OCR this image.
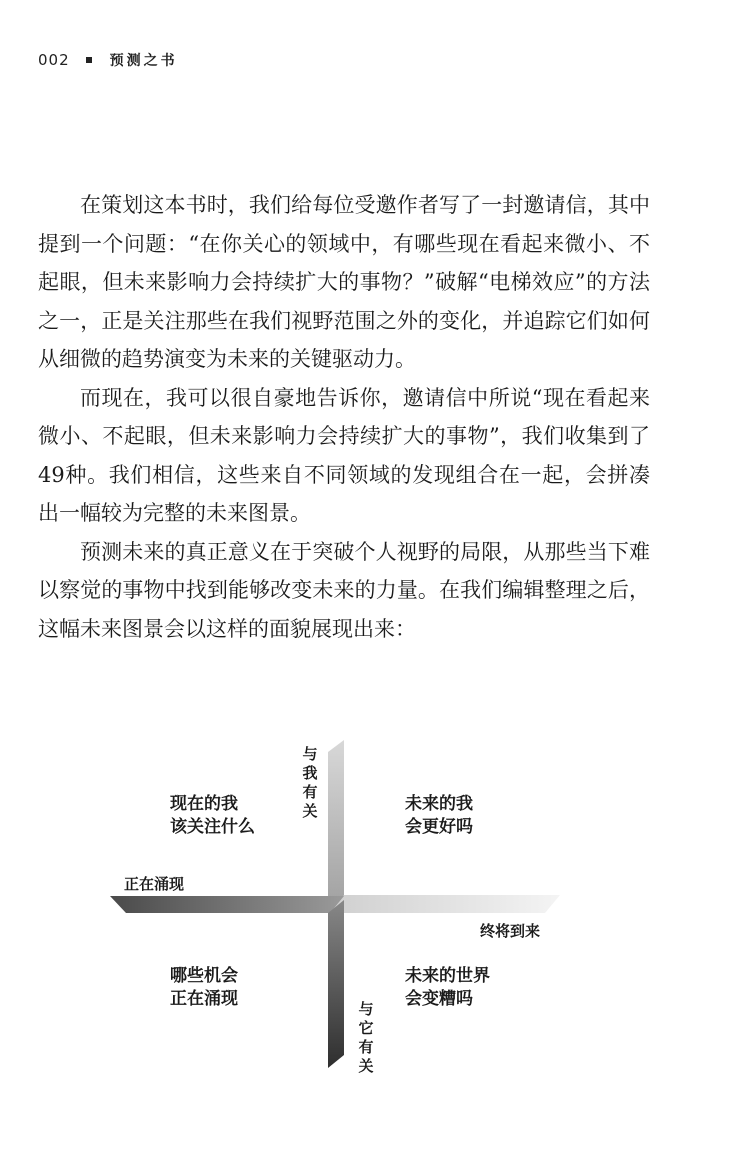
002	预测之书

在策划这本书时，我们给每位受邀作者写了一封邀请信，其中提到一个问题：“在你关心的领域中，有哪些现在看起来微小、不起眼，但未来影响力会持续扩大的事物？”破解“电梯效应”的方法之一，正是关注那些在我们视野范围之外的变化，并追踪它们如何从细微的趋势演变为未来的关键驱动力。

而现在，我可以很自豪地告诉你，邀请信中所说“现在看起来微小、不起眼，但未来影响力会持续扩大的事物”，我们收集到了49种。我们相信，这些来自不同领域的发现组合在一起，会拼凑出一幅较为完整的未来图景。

预测未来的真正意义在于突破个人视野的局限，从那些当下难以察觉的事物中找到能够改变未来的力量。在我们编辑整理之后，这幅未来图景会以这样的面貌展现出来：

与我有关
与它有关
正在涌现
终将到来
现在的我
该关注什么
未来的我
会更好吗
哪些机会
正在涌现
未来的世界
会变糟吗
